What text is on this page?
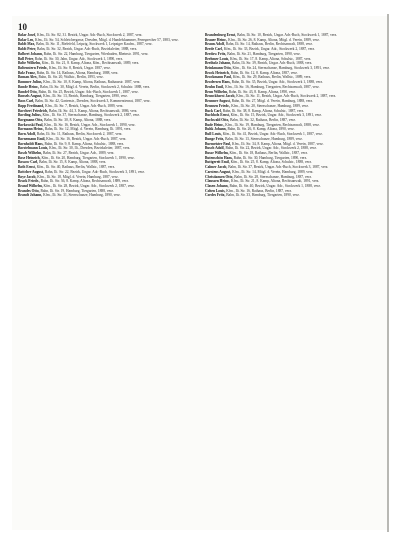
10

Bolar Josef, Kfm., Ili. Str. 82, 31. Bezirk, Ungar. Adr.-Buch, Stockwerk 2, 1887, verz.

Bolar Leo, Kfm., Ili. Str. 54, Schleichergasse, Dresden, Mitgl. d. Handelskammer, Fernsprecher 57, 1883, verz.

Boldt Max, Bahn, Ili. Str. 11, Bielefeld, Leipzig, Stockwerk 1, Leipziger Kaufm., 1887, verz.

Boldt Peter, Bahn, Ili. Str. 32, Bezirk, Ungar. Adr.-Buch, Bezirksleiter, 1888, verz.

Bolbert Johann, Bahn, Ili. Str. 22, Hamburg, Tiergarten, Wiesbaden, Rheinstr. 1891, verz.

Boll Peter, Bahn, Ili. Str. 30, Jahn, Ungar. Adr., Stockwerk 1, 1890, verz.

Bolte Wilhelm, Kfm., Ili. Str. 21, 8. Kamp, Altona, Kfm., Rechtsanwalt, 1889, verz.

Boltenstern Friedr., Kfm., Ili. Str. 8, Bezirk, Ungar. 1887, verz.

Bolz Franz, Bahn, Ili. Str. 14, Rathaus, Altona, Hamburg, 1888, verz.

Boman Alex, Bahn, Ili. Str. 20, Wallstr., Berlin, 1893, verz.

Bommer Julius, Kfm., Ili. Str. 10, 8. Kamp, Altona, Rathaus, Rathausstr. 1887, verz.

Bonde Heinr., Bahn, Ili. Str. 30, Mitgl. d. Verein, Berlin, Stockwerk 2, Schulstr. 1888, verz.

Bondel Otto, Bahn, Ili. Str. 25, Bezirk, Ungar. Adr.-Buch, Stockwerk 1, 1887, verz.

Bonsels August, Kfm., Ili. Str. 13, Bezirk, Hamburg, Tiergarten, 1890, verz.

Boos Carl, Bahn, Ili. Str. 42, Gartenstr., Dresden, Stockwerk 3, Kommerzienrat, 1887, verz.

Bopp Ferdinand, Kfm., Ili. Str. 7, Bezirk, Ungar. Adr.-Buch, 1889, verz.

Borchert Friedrich, Bahn, Ili. Str. 44, 3. Kamp, Altona, Rechtsanwalt, 1886, verz.

Bording Julius, Kfm., Ili. Str. 37, Sternschanze, Hamburg, Stockwerk 2, 1887, verz.

Borgmann Otto, Bahn, Ili. Str. 30, 8. Kamp, Altona, 1888, verz.

Borkowski Paul, Kfm., Ili. Str. 16, Bezirk, Ungar. Adr., Stockwerk 1, 1890, verz.

Bormann Heinr., Bahn, Ili. Str. 12, Mitgl. d. Verein, Hamburg, Ili. 1891, verz.

Born Adolf, Bahn, Ili. Str. 11, Rathaus, Berlin, Stockwerk 2, 1887, verz.

Bornemann Emil, Kfm., Ili. Str. 16, Bezirk, Ungar. Adr.-Buch, 1887, verz.

Bornholdt Hans, Bahn, Ili. Str. 9, 8. Kamp, Altona, Schulstr., 1888, verz.

Borstelmann Louis, Kfm., Ili. Str. 30, Ili., Dresden, Bezirksleiter, 1887, verz.

Bosch Wilhelm, Bahn, Ili. Str. 27, Bezirk, Ungar. Adr., 1889, verz.

Bose Heinrich, Kfm., Ili. Str. 20, Hamburg, Tiergarten, Stockwerk 1, 1890, verz.

Bossow Carl, Bahn, Ili. Str. 15, 8. Kamp, Altona, 1888, verz.

Both Ernst, Kfm., Ili. Str. 40, Rathaus, Berlin, Wallstr., 1887, verz.

Bottcher August, Bahn, Ili. Str. 22, Bezirk, Ungar. Adr.-Buch, Stockwerk 3, 1891, verz.

Boye Jacob, Kfm., Ili. Str. 18, Mitgl. d. Verein, Hamburg, 1887, verz.

Brack Friedr., Bahn, Ili. Str. 36, 8. Kamp, Altona, Rechtsanwalt, 1889, verz.

Brand Wilhelm, Kfm., Ili. Str. 28, Bezirk, Ungar. Adr., Stockwerk 2, 1887, verz.

Brandes Otto, Bahn, Ili. Str. 19, Hamburg, Tiergarten, 1888, verz.

Brandt Johann, Kfm., Ili. Str. 31, Sternschanze, Hamburg, 1890, verz.

Brandenburg Ernst, Bahn, Ili. Str. 10, Bezirk, Ungar. Adr.-Buch, Stockwerk 1, 1887, verz.

Brauer Heinr., Kfm., Ili. Str. 26, 8. Kamp, Altona, Mitgl. d. Verein, 1889, verz.

Braun Adolf, Bahn, Ili. Str. 14, Rathaus, Berlin, Rechtsanwalt, 1888, verz.

Brede Carl, Kfm., Ili. Str. 33, Bezirk, Ungar. Adr., Stockwerk 2, 1887, verz.

Bredow Fritz, Bahn, Ili. Str. 21, Hamburg, Tiergarten, 1890, verz.

Brehmer Louis, Kfm., Ili. Str. 17, 8. Kamp, Altona, Schulstr., 1887, verz.

Breiholz Johann, Bahn, Ili. Str. 39, Bezirk, Ungar. Adr.-Buch, 1888, verz.

Brinkmann Otto, Kfm., Ili. Str. 24, Sternschanze, Hamburg, Stockwerk 3, 1891, verz.

Brock Heinrich, Bahn, Ili. Str. 12, 8. Kamp, Altona, 1887, verz.

Brockmann Paul, Kfm., Ili. Str. 29, Rathaus, Berlin, Wallstr., 1889, verz.

Brodersen Hans, Bahn, Ili. Str. 35, Bezirk, Ungar. Adr., Stockwerk 1, 1888, verz.

Bruhn Emil, Kfm., Ili. Str. 16, Hamburg, Tiergarten, Rechtsanwalt, 1887, verz.

Brun Wilhelm, Bahn, Ili. Str. 43, 8. Kamp, Altona, 1890, verz.

Brunckhorst Jacob, Kfm., Ili. Str. 11, Bezirk, Ungar. Adr.-Buch, Stockwerk 2, 1887, verz.

Brunner August, Bahn, Ili. Str. 27, Mitgl. d. Verein, Hamburg, 1888, verz.

Brunsen Friedr., Kfm., Ili. Str. 20, Sternschanze, Hamburg, 1889, verz.

Buck Carl, Bahn, Ili. Str. 38, 8. Kamp, Altona, Schulstr., 1887, verz.

Buchholz Ernst, Kfm., Ili. Str. 15, Bezirk, Ungar. Adr., Stockwerk 3, 1891, verz.

Buchwald Otto, Bahn, Ili. Str. 32, Rathaus, Berlin, 1887, verz.

Bude Heinr., Kfm., Ili. Str. 19, Hamburg, Tiergarten, Rechtsanwalt, 1888, verz.

Buhk Johann, Bahn, Ili. Str. 26, 8. Kamp, Altona, 1890, verz.

Bull Louis, Kfm., Ili. Str. 41, Bezirk, Ungar. Adr.-Buch, Stockwerk 1, 1887, verz.

Bunge Fritz, Bahn, Ili. Str. 13, Sternschanze, Hamburg, 1889, verz.

Burmeister Paul, Kfm., Ili. Str. 34, 8. Kamp, Altona, Mitgl. d. Verein, 1887, verz.

Busch Adolf, Bahn, Ili. Str. 22, Bezirk, Ungar. Adr., Stockwerk 2, 1888, verz.

Busse Wilhelm, Kfm., Ili. Str. 18, Rathaus, Berlin, Wallstr., 1887, verz.

Butenschön Hans, Bahn, Ili. Str. 30, Hamburg, Tiergarten, 1890, verz.

Buttgereit Emil, Kfm., Ili. Str. 25, 8. Kamp, Altona, Schulstr., 1888, verz.

Calmer Jacob, Bahn, Ili. Str. 37, Bezirk, Ungar. Adr.-Buch, Stockwerk 3, 1887, verz.

Carstens August, Kfm., Ili. Str. 14, Mitgl. d. Verein, Hamburg, 1889, verz.

Christiansen Otto, Bahn, Ili. Str. 28, Sternschanze, Hamburg, 1887, verz.

Claussen Heinr., Kfm., Ili. Str. 21, 8. Kamp, Altona, Rechtsanwalt, 1891, verz.

Clasen Johann, Bahn, Ili. Str. 40, Bezirk, Ungar. Adr., Stockwerk 1, 1888, verz.

Cohen Louis, Kfm., Ili. Str. 16, Rathaus, Berlin, 1887, verz.

Cordes Fritz, Bahn, Ili. Str. 33, Hamburg, Tiergarten, 1890, verz.
